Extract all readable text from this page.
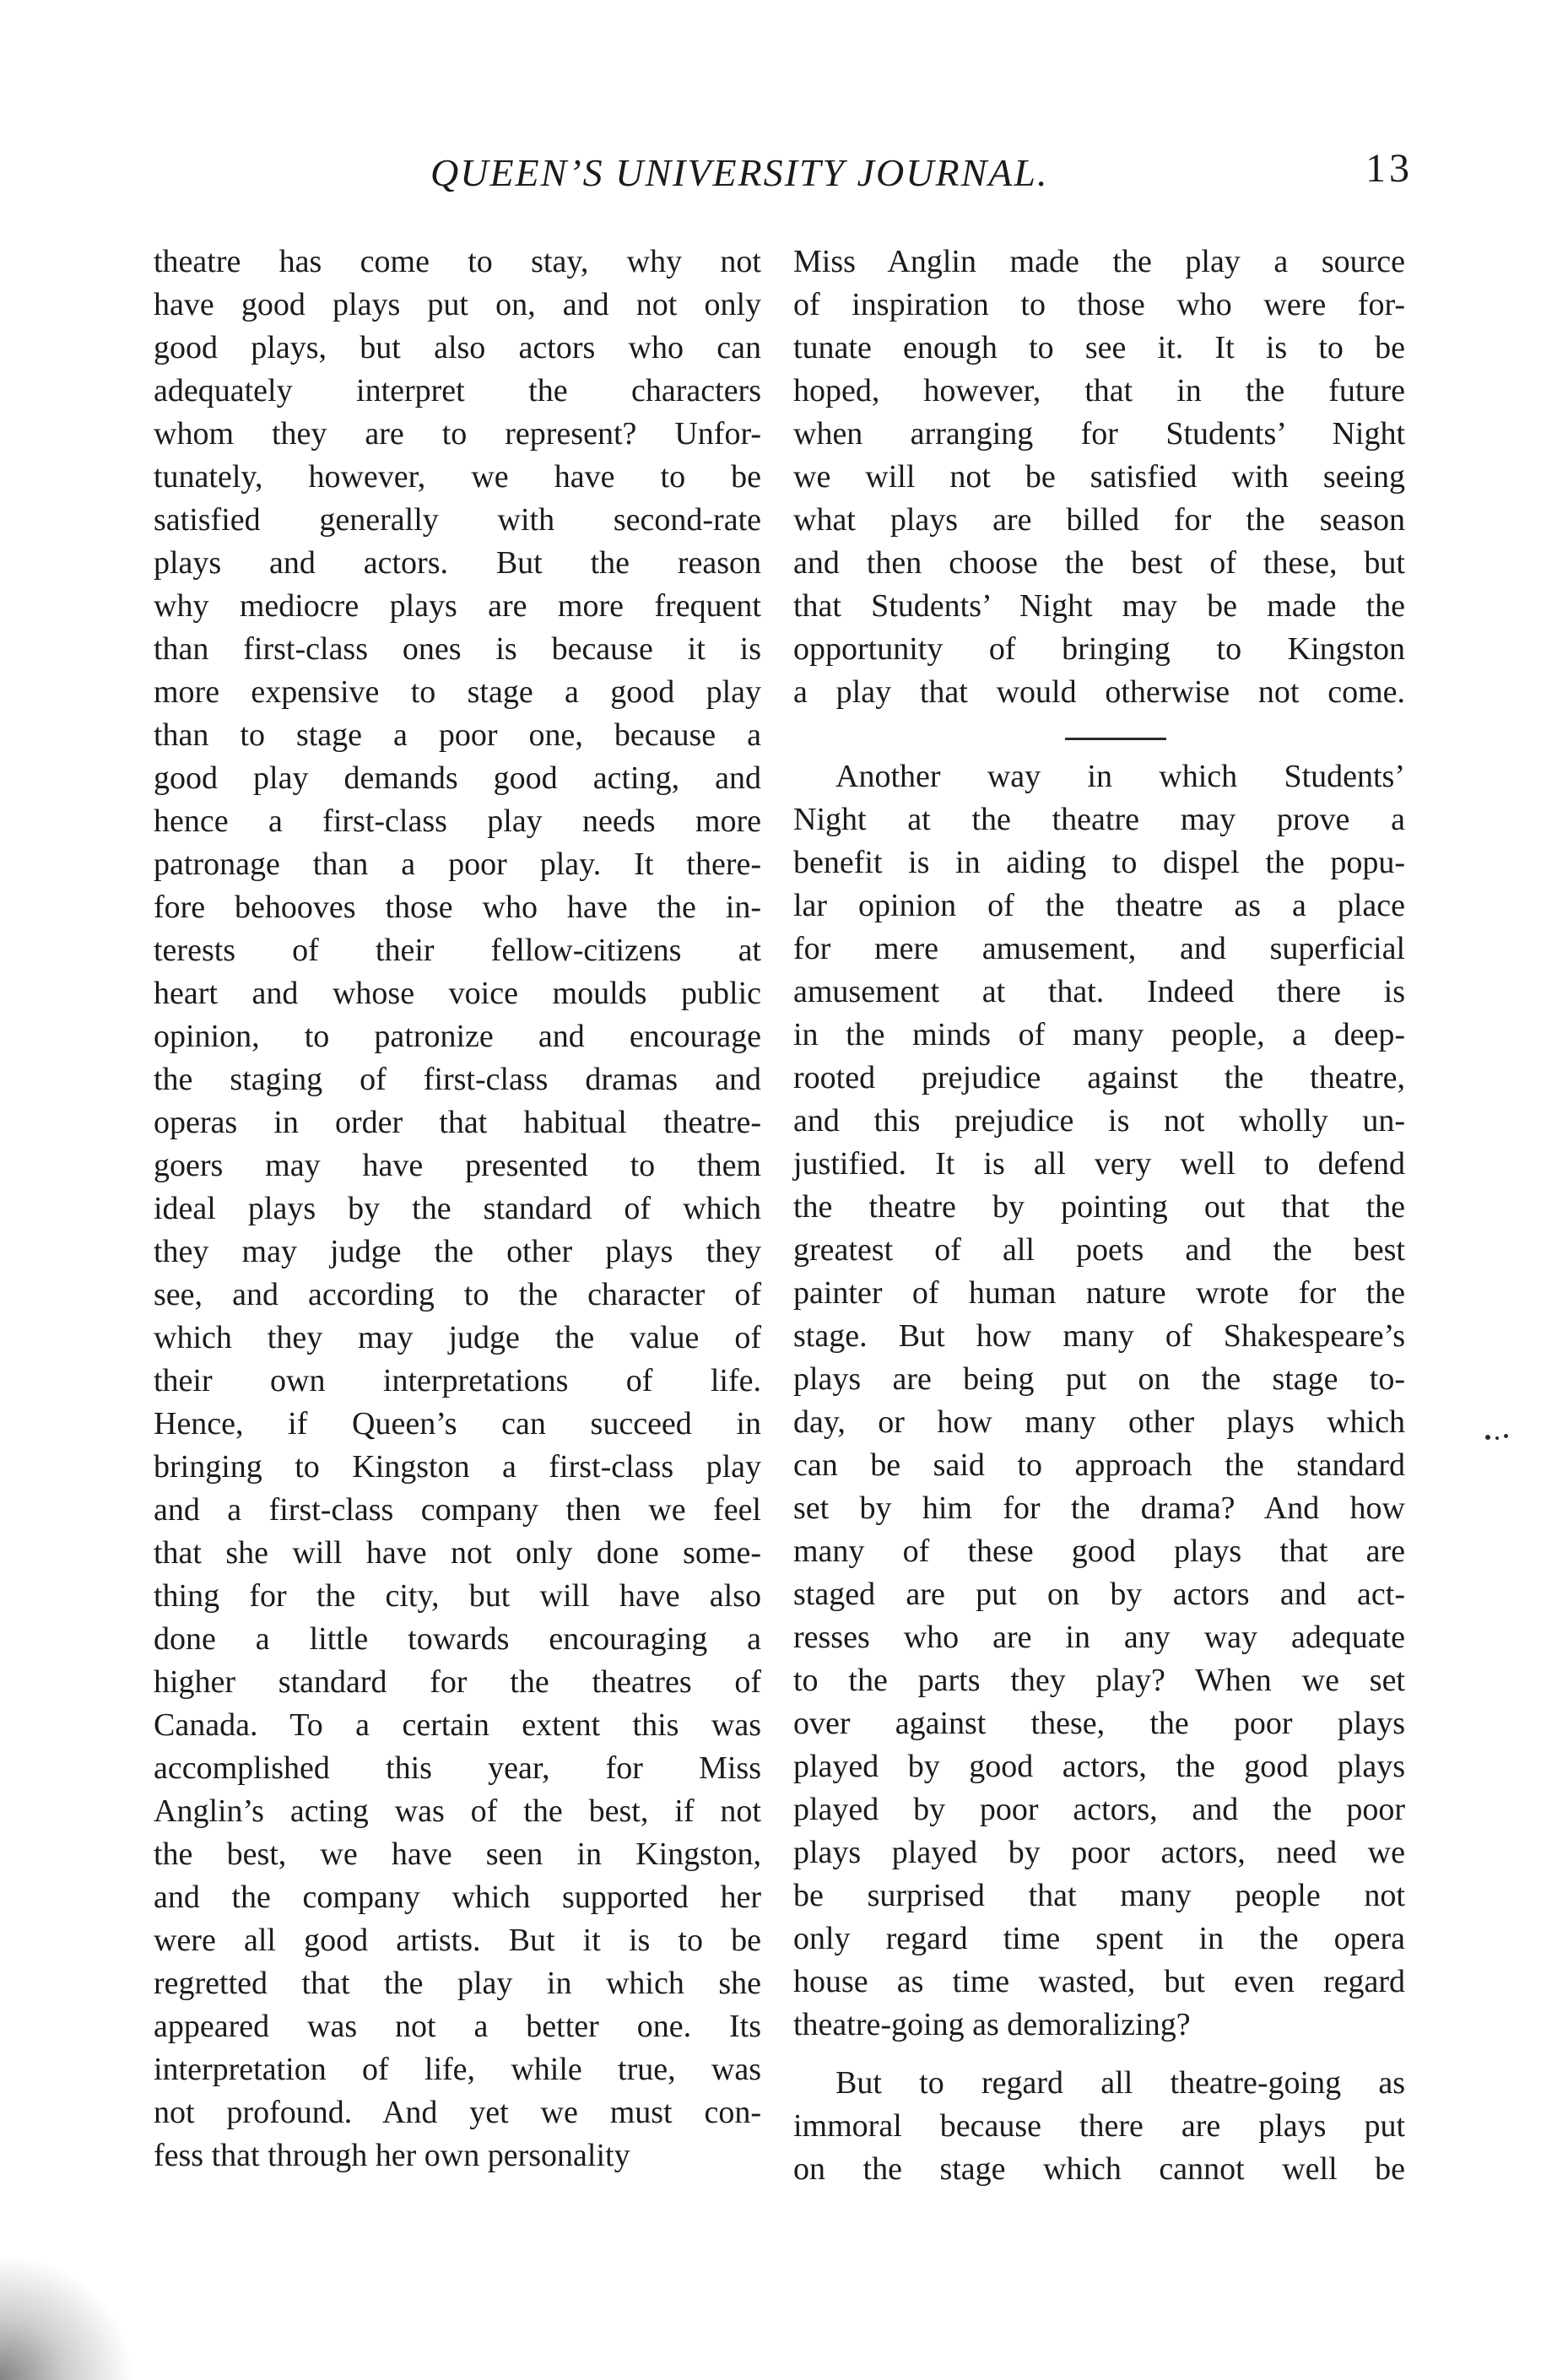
QUEEN’S UNIVERSITY JOURNAL.	13
theatre has come to stay, why not
have good plays put on, and not only
good plays, but also actors who can
adequately interpret the characters
whom they are to represent? Unfor-
tunately, however, we have to be
satisfied generally with second-rate
plays and actors. But the reason
why mediocre plays are more frequent
than first-class ones is because it is
more expensive to stage a good play
than to stage a poor one, because a
good play demands good acting, and
hence a first-class play needs more
patronage than a poor play. It there-
fore behooves those who have the in-
terests of their fellow-citizens at
heart and whose voice moulds public
opinion, to patronize and encourage
the staging of first-class dramas and
operas in order that habitual theatre-
goers may have presented to them
ideal plays by the standard of which
they may judge the other plays they
see, and according to the character of
which they may judge the value of
their own interpretations of life.
Hence, if Queen’s can succeed in
bringing to Kingston a first-class play
and a first-class company then we feel
that she will have not only done some-
thing for the city, but will have also
done a little towards encouraging a
higher standard for the theatres of
Canada. To a certain extent this was
accomplished this year, for Miss
Anglin’s acting was of the best, if not
the best, we have seen in Kingston,
and the company which supported her
were all good artists. But it is to be
regretted that the play in which she
appeared was not a better one. Its
interpretation of life, while true, was
not profound. And yet we must con-
fess that through her own personality
Miss Anglin made the play a source
of inspiration to those who were for-
tunate enough to see it. It is to be
hoped, however, that in the future
when arranging for Students’ Night
we will not be satisfied with seeing
what plays are billed for the season
and then choose the best of these, but
that Students’ Night may be made the
opportunity of bringing to Kingston
a play that would otherwise not come.
Another way in which Students’
Night at the theatre may prove a
benefit is in aiding to dispel the popu-
lar opinion of the theatre as a place
for mere amusement, and superficial
amusement at that. Indeed there is
in the minds of many people, a deep-
rooted prejudice against the theatre,
and this prejudice is not wholly un-
justified. It is all very well to defend
the theatre by pointing out that the
greatest of all poets and the best
painter of human nature wrote for the
stage. But how many of Shakespeare’s
plays are being put on the stage to-
day, or how many other plays which
can be said to approach the standard
set by him for the drama? And how
many of these good plays that are
staged are put on by actors and act-
resses who are in any way adequate
to the parts they play? When we set
over against these, the poor plays
played by good actors, the good plays
played by poor actors, and the poor
plays played by poor actors, need we
be surprised that many people not
only regard time spent in the opera
house as time wasted, but even regard
theatre-going as demoralizing?
But to regard all theatre-going as
immoral because there are plays put
on the stage which cannot well be
